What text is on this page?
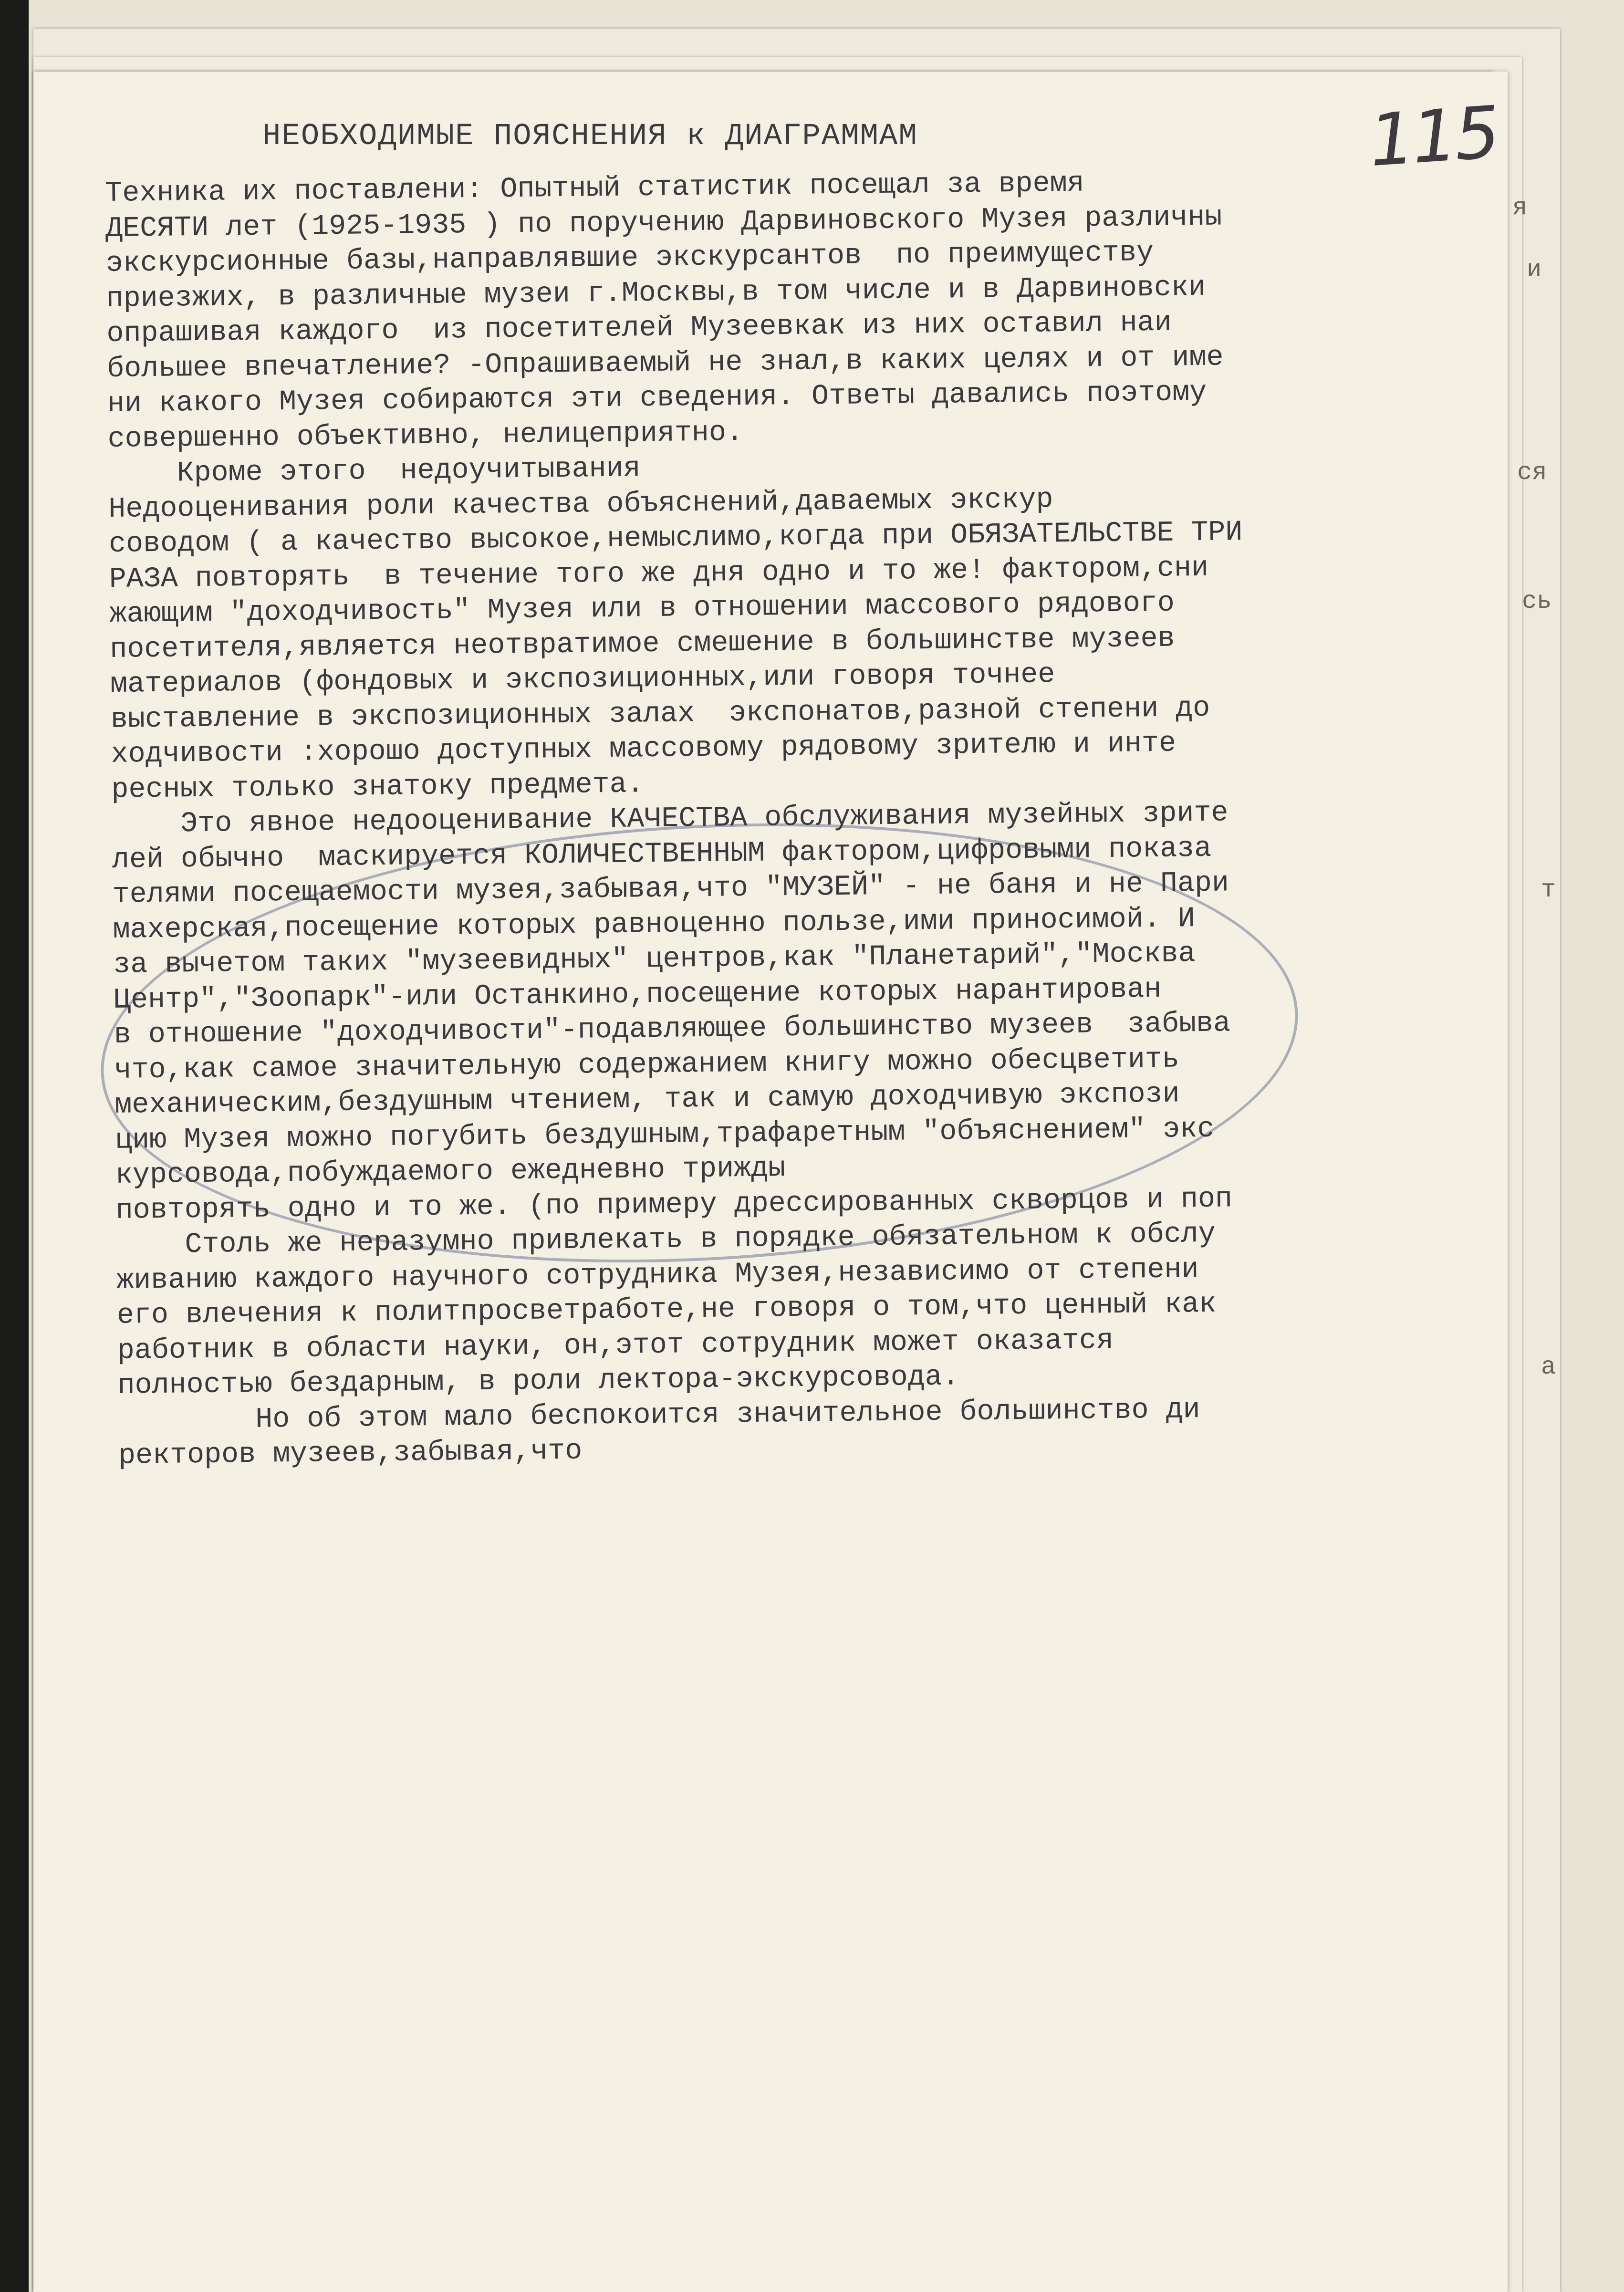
я
и
ся
сь
т
а
115
НЕОБХОДИМЫЕ ПОЯСНЕНИЯ к ДИАГРАММАМ
Техника их поставлени: Опытный статистик посещал за время
ДЕСЯТИ лет (1925-1935 ) по поручению Дарвиновского Музея различны
экскурсионные базы,направлявшие экскурсантов  по преимуществу
приезжих, в различные музеи г.Москвы,в том числе и в Дарвиновски
опрашивая каждого  из посетителей Музеевкак из них оставил наи
большее впечатление? -Опрашиваемый не знал,в каких целях и от име
ни какого Музея собираются эти сведения. Ответы давались поэтому
совершенно объективно, нелицеприятно.
Кроме этого  недоучитывания
Недооценивания роли качества объяснений,даваемых экскур
соводом ( а качество высокое,немыслимо,когда при ОБЯЗАТЕЛЬСТВЕ ТРИ
РАЗА повторять  в течение того же дня одно и то же! фактором,сни
жающим "доходчивость" Музея или в отношении массового рядового
посетителя,является неотвратимое смешение в большинстве музеев
материалов (фондовых и экспозиционных,или говоря точнее
выставление в экспозиционных залах  экспонатов,разной степени до
ходчивости :хорошо доступных массовому рядовому зрителю и инте
ресных только знатоку предмета.
Это явное недооценивание КАЧЕСТВА обслуживания музейных зрите
лей обычно  маскируется КОЛИЧЕСТВЕННЫМ фактором,цифровыми показа
телями посещаемости музея,забывая,что "МУЗЕЙ" - не баня и не Пари
махерская,посещение которых равноценно пользе,ими приносимой. И
за вычетом таких "музеевидных" центров,как "Планетарий","Москва
Центр","Зоопарк"-или Останкино,посещение которых нарантирован
в отношение "доходчивости"-подавляющее большинство музеев  забыва
что,как самое значительную содержанием книгу можно обесцветить
механическим,бездушным чтением, так и самую доходчивую экспози
цию Музея можно погубить бездушным,трафаретным "объяснением" экс
курсовода,побуждаемого ежедневно трижды
повторять одно и то же. (по примеру дрессированных скворцов и поп
Столь же неразумно привлекать в порядке обязательном к обслу
живанию каждого научного сотрудника Музея,независимо от степени
его влечения к политпросветработе,не говоря о том,что ценный как
работник в области науки, он,этот сотрудник может оказатся
полностью бездарным, в роли лектора-экскурсовода.
Но об этом мало беспокоится значительное большинство ди
ректоров музеев,забывая,что
